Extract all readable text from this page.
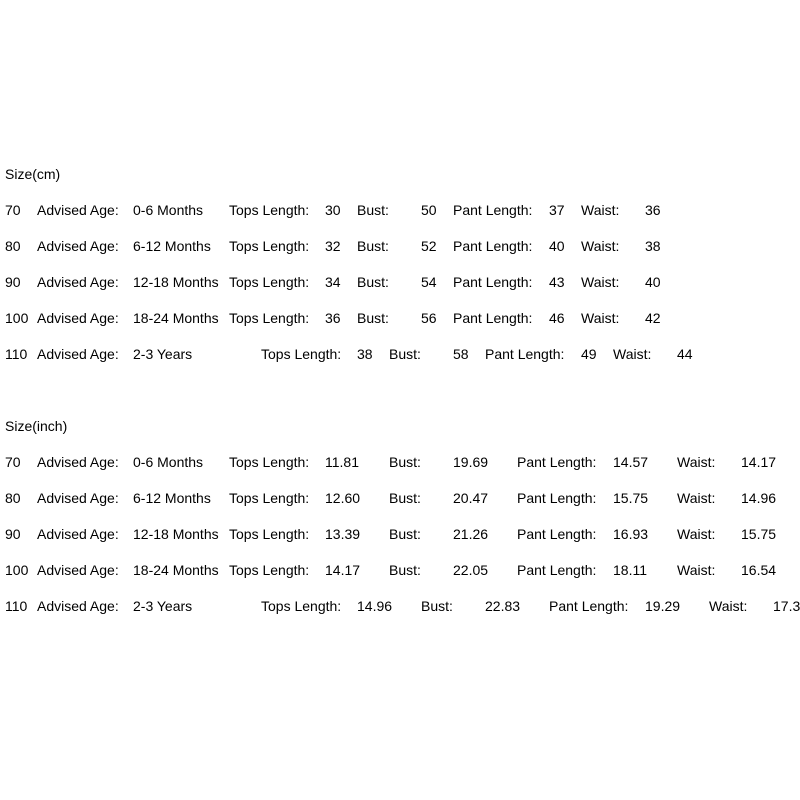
Size(cm)
70 Advised Age: 0-6 Months Tops Length: 30 Bust: 50 Pant Length: 37 Waist: 36
80 Advised Age: 6-12 Months Tops Length: 32 Bust: 52 Pant Length: 40 Waist: 38
90 Advised Age: 12-18 Months Tops Length: 34 Bust: 54 Pant Length: 43 Waist: 40
100 Advised Age: 18-24 Months Tops Length: 36 Bust: 56 Pant Length: 46 Waist: 42
110 Advised Age: 2-3 Years	Tops Length: 38 Bust: 58 Pant Length: 49 Waist: 44
Size(inch)
70 Advised Age: 0-6 Months Tops Length: 11.81 Bust: 19.69 Pant Length: 14.57 Waist: 14.17
80 Advised Age: 6-12 Months Tops Length: 12.60 Bust: 20.47 Pant Length: 15.75 Waist: 14.96
90 Advised Age: 12-18 Months Tops Length: 13.39 Bust: 21.26 Pant Length: 16.93 Waist: 15.75
100 Advised Age: 18-24 Months Tops Length: 14.17 Bust: 22.05 Pant Length: 18.11 Waist: 16.54
110 Advised Age: 2-3 Years	Tops Length: 14.96 Bust: 22.83 Pant Length: 19.29 Waist: 17.3
